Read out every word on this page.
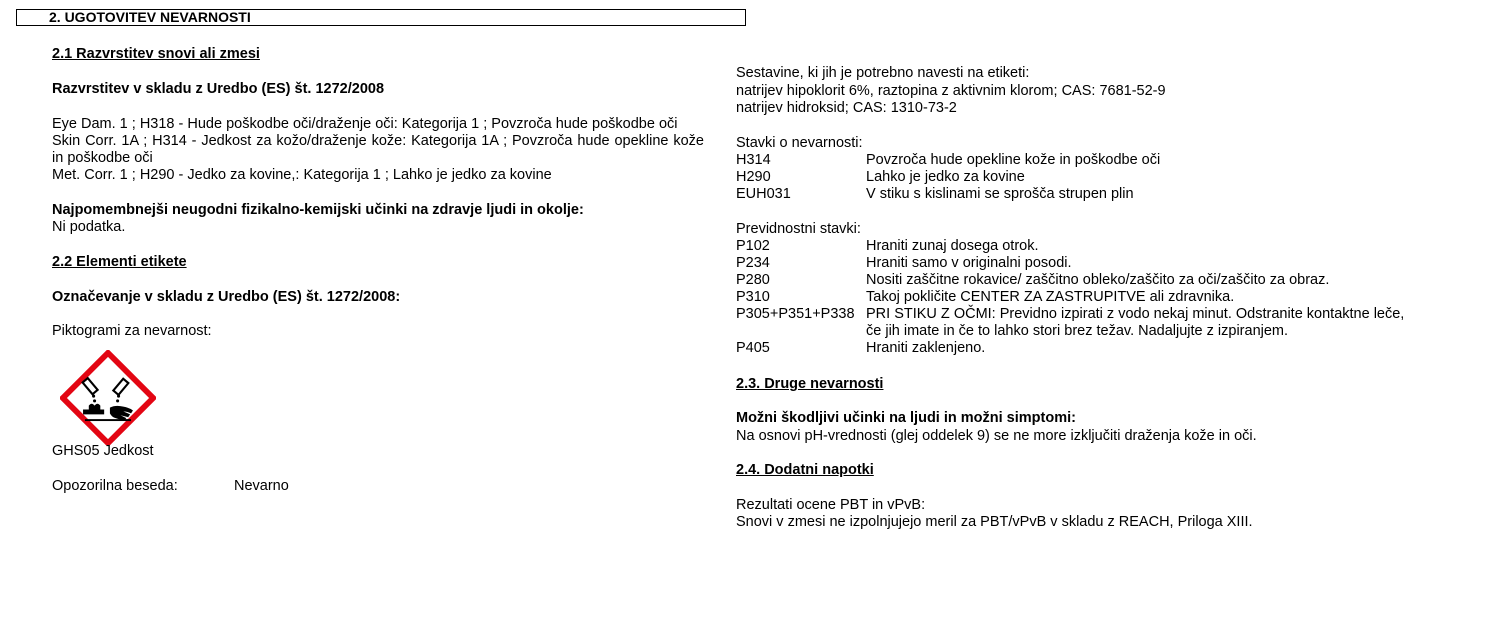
2. UGOTOVITEV NEVARNOSTI
2.1 Razvrstitev snovi ali zmesi
Razvrstitev v skladu z Uredbo (ES) št. 1272/2008
Eye Dam. 1 ; H318 - Hude poškodbe oči/draženje oči: Kategorija 1 ; Povzroča hude poškodbe oči
Skin Corr. 1A ; H314 - Jedkost za kožo/draženje kože: Kategorija 1A ; Povzroča hude opekline kože in poškodbe oči
Met. Corr. 1 ; H290 - Jedko za kovine,: Kategorija 1 ; Lahko je jedko za kovine
Najpomembnejši neugodni fizikalno-kemijski učinki na zdravje ljudi in okolje:
Ni podatka.
2.2 Elementi etikete
Označevanje v skladu z Uredbo (ES) št. 1272/2008:
Piktogrami za nevarnost:
GHS05 Jedkost
Opozorilna beseda:	Nevarno
Sestavine, ki jih je potrebno navesti na etiketi:
natrijev hipoklorit 6%, raztopina z aktivnim klorom; CAS: 7681-52-9
natrijev hidroksid; CAS: 1310-73-2
Stavki o nevarnosti:
H314	Povzroča hude opekline kože in poškodbe oči
H290	Lahko je jedko za kovine
EUH031	V stiku s kislinami se sprošča strupen plin
Previdnostni stavki:
P102	Hraniti zunaj dosega otrok.
P234	Hraniti samo v originalni posodi.
P280	Nositi zaščitne rokavice/ zaščitno obleko/zaščito za oči/zaščito za obraz.
P310	Takoj pokličite CENTER ZA ZASTRUPITVE ali zdravnika.
P305+P351+P338 PRI STIKU Z OČMI: Previdno izpirati z vodo nekaj minut. Odstranite kontaktne leče, če jih imate in če to lahko stori brez težav. Nadaljujte z izpiranjem.
P405	Hraniti zaklenjeno.
2.3. Druge nevarnosti
Možni škodljivi učinki na ljudi in možni simptomi:
Na osnovi pH-vrednosti (glej oddelek 9) se ne more izključiti draženja kože in oči.
2.4. Dodatni napotki
Rezultati ocene PBT in vPvB:
Snovi v zmesi ne izpolnjujejo meril za PBT/vPvB v skladu z REACH, Priloga XIII.
